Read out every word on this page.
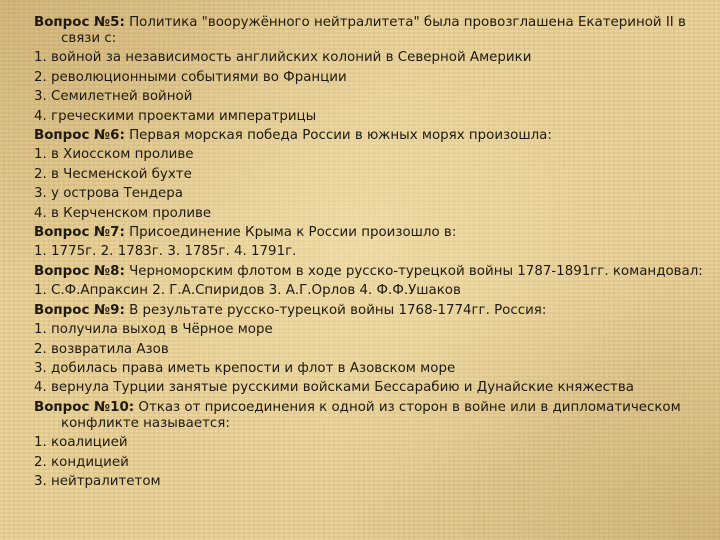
Вопрос №5: Политика "вооружённого нейтралитета" была провозглашена Екатериной II в
связи с:
1. войной за независимость английских колоний в Северной Америки
2. революционными событиями во Франции
3. Семилетней войной
4. греческими проектами императрицы
Вопрос №6: Первая морская победа России в южных морях произошла:
1. в Хиосском проливе
2. в Чесменской бухте
3. у острова Тендера
4. в Керченском проливе
Вопрос №7: Присоединение Крыма к России произошло в:
1. 1775г. 2. 1783г. 3. 1785г. 4. 1791г.
Вопрос №8: Черноморским флотом в ходе русско-турецкой войны 1787-1891гг. командовал:
1. С.Ф.Апраксин 2. Г.А.Спиридов 3. А.Г.Орлов 4. Ф.Ф.Ушаков
Вопрос №9: В результате русско-турецкой войны 1768-1774гг. Россия:
1. получила выход в Чёрное море
2. возвратила Азов
3. добилась права иметь крепости и флот в Азовском море
4. вернула Турции занятые русскими войсками Бессарабию и Дунайские княжества
Вопрос №10: Отказ от присоединения к одной из сторон в войне или в дипломатическом
конфликте называется:
1. коалицией
2. кондицией
3. нейтралитетом
